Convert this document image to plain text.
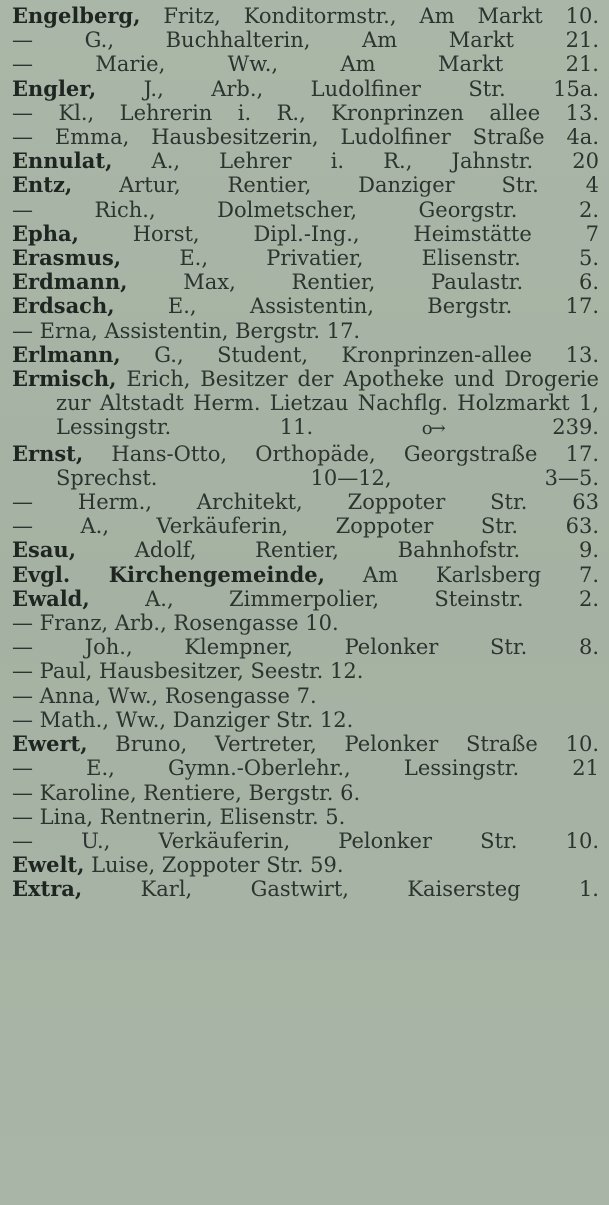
Engelberg, Fritz, Konditormstr., Am Markt 10.
— G., Buchhalterin, Am Markt 21.
— Marie, Ww., Am Markt 21.
Engler, J., Arb., Ludolfiner Str. 15a.
— Kl., Lehrerin i. R., Kronprinzen allee 13.
— Emma, Hausbesitzerin, Ludolfiner Straße 4a.
Ennulat, A., Lehrer i. R., Jahnstr. 20
Entz, Artur, Rentier, Danziger Str. 4
— Rich., Dolmetscher, Georgstr. 2.
Epha, Horst, Dipl.-Ing., Heimstätte 7
Erasmus, E., Privatier, Elisenstr. 5.
Erdmann, Max, Rentier, Paulastr. 6.
Erdsach, E., Assistentin, Bergstr. 17.
— Erna, Assistentin, Bergstr. 17.
Erlmann, G., Student, Kronprinzen-allee 13.
Ermisch, Erich, Besitzer der Apotheke und Drogerie zur Altstadt Herm. Lietzau Nachflg. Holzmarkt 1, Lessingstr. 11.	o→ 239.
Ernst, Hans-Otto, Orthopäde, Georgstraße 17. Sprechst. 10—12, 3—5.
— Herm., Architekt, Zoppoter Str. 63
— A., Verkäuferin, Zoppoter Str. 63.
Esau, Adolf, Rentier, Bahnhofstr. 9.
Evgl. Kirchengemeinde, Am Karlsberg 7.
Ewald, A., Zimmerpolier, Steinstr. 2.
— Franz, Arb., Rosengasse 10.
— Joh., Klempner, Pelonker Str. 8.
— Paul, Hausbesitzer, Seestr. 12.
— Anna, Ww., Rosengasse 7.
— Math., Ww., Danziger Str. 12.
Ewert, Bruno, Vertreter, Pelonker Straße 10.
— E., Gymn.-Oberlehr., Lessingstr. 21
— Karoline, Rentiere, Bergstr. 6.
— Lina, Rentnerin, Elisenstr. 5.
— U., Verkäuferin, Pelonker Str. 10.
Ewelt, Luise, Zoppoter Str. 59.
Extra, Karl, Gastwirt, Kaisersteg 1.
